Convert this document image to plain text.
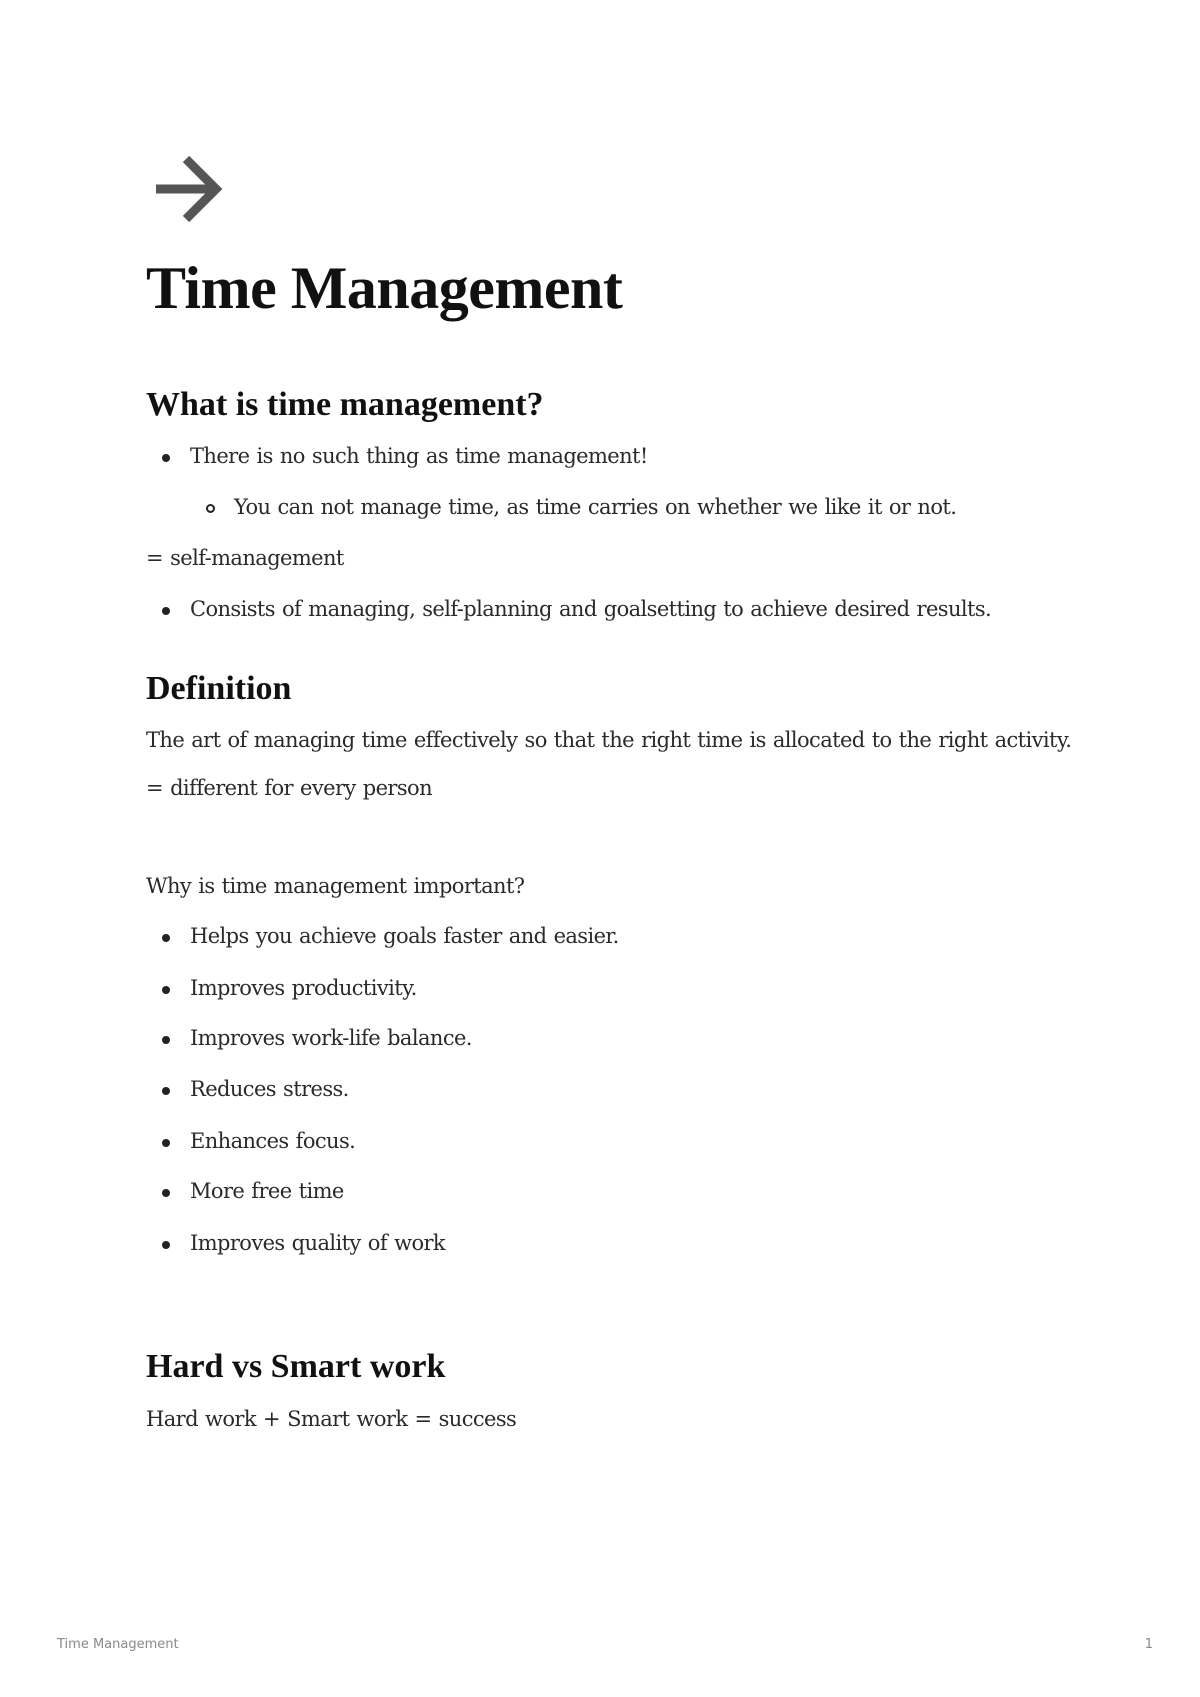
Time Management
What is time management?
There is no such thing as time management!
You can not manage time, as time carries on whether we like it or not.

= self-management

Consists of managing, self-planning and goalsetting to achieve desired results.
Definition

The art of managing time effectively so that the right time is allocated to the right activity.

= different for every person

Why is time management important?

Helps you achieve goals faster and easier.
Improves productivity.
Improves work-life balance.
Reduces stress.
Enhances focus.
More free time
Improves quality of work
Hard vs Smart work

Hard work + Smart work = success

Time Management	1
